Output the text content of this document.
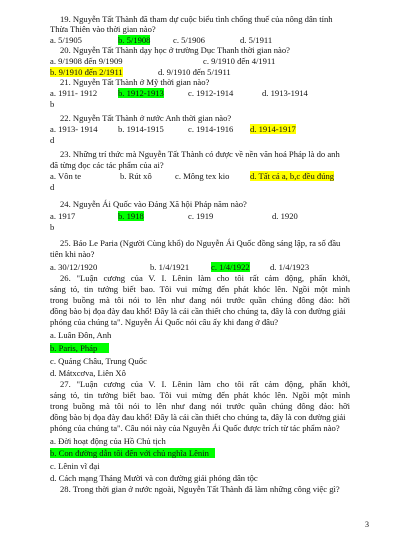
19. Nguyễn Tất Thành đã tham dự cuộc biểu tình chống thuế của nông dân tỉnh
Thừa Thiên vào thời gian nào?
a. 5/1905	b. 5/1908	c. 5/1906	d. 5/1911
20. Nguyễn Tất Thành dạy học ở trường Dục Thanh thời gian nào?
a. 9/1908 đến 9/1909	c. 9/1910 đến 4/1911
b. 9/1910 đến 2/1911	d. 9/1910 đến 5/1911
21. Nguyễn Tất Thành ở Mỹ thời gian nào?
a. 1911- 1912 b. 1912-1913	c. 1912-1914	d. 1913-1914
b
22. Nguyễn Tất Thành ở nước Anh thời gian nào?
a. 1913- 1914 b. 1914-1915	c. 1914-1916 d. 1914-1917
d
23. Những trí thức mà Nguyễn Tất Thành có được về nền văn hoá Pháp là do anh
đã từng đọc các tác phẩm của ai?
a. Vôn te	b. Rút xô	c. Mông tex kio d. Tất cả a, b,c đều đúng
d
24. Nguyễn Ái Quốc vào Đảng Xã hội Pháp năm nào?
a. 1917	b. 1918	c. 1919	d. 1920
b
25. Báo Le Paria (Người Cùng khổ) do Nguyễn Ái Quốc đồng sáng lập, ra số đầu
tiên khi nào?
a. 30/12/1920	b. 1/4/1921	c. 1/4/1922 d. 1/4/1923
26. "Luận cương của V. I. Lênin làm cho tôi rất cảm động, phấn khởi,
sáng tỏ, tin tưởng biết bao. Tôi vui mừng đến phát khóc lên. Ngồi một mình
trong buồng mà tôi nói to lên như đang nói trước quần chúng đông đảo: hỡi
đồng bào bị đọa đày đau khổ! Đây là cái cần thiết cho chúng ta, đây là con đường giải
phóng của chúng ta". Nguyễn Ái Quốc nói câu ấy khi đang ở đâu?
a. Luân Đôn, Anh
b. Paris, Pháp
c. Quảng Châu, Trung Quốc
d. Mátxcơva, Liên Xô
27. "Luận cương của V. I. Lênin làm cho tôi rất cảm động, phấn khởi,
sáng tỏ, tin tưởng biết bao. Tôi vui mừng đến phát khóc lên. Ngồi một mình
trong buồng mà tôi nói to lên như đang nói trước quần chúng đông đảo: hỡi
đồng bào bị đọa đày đau khổ! Đây là cái cần thiết cho chúng ta, đây là con đường giải
phóng của chúng ta". Câu nói này của Nguyễn Ái Quốc được trích từ tác phẩm nào?
a. Đời hoạt động của Hồ Chủ tịch
b. Con đường dẫn tôi đến với chủ nghĩa Lênin
c. Lênin vĩ đại
d. Cách mạng Tháng Mười và con đường giải phóng dân tộc
28. Trong thời gian ở nước ngoài, Nguyễn Tất Thành đã làm những công việc gì?
3
